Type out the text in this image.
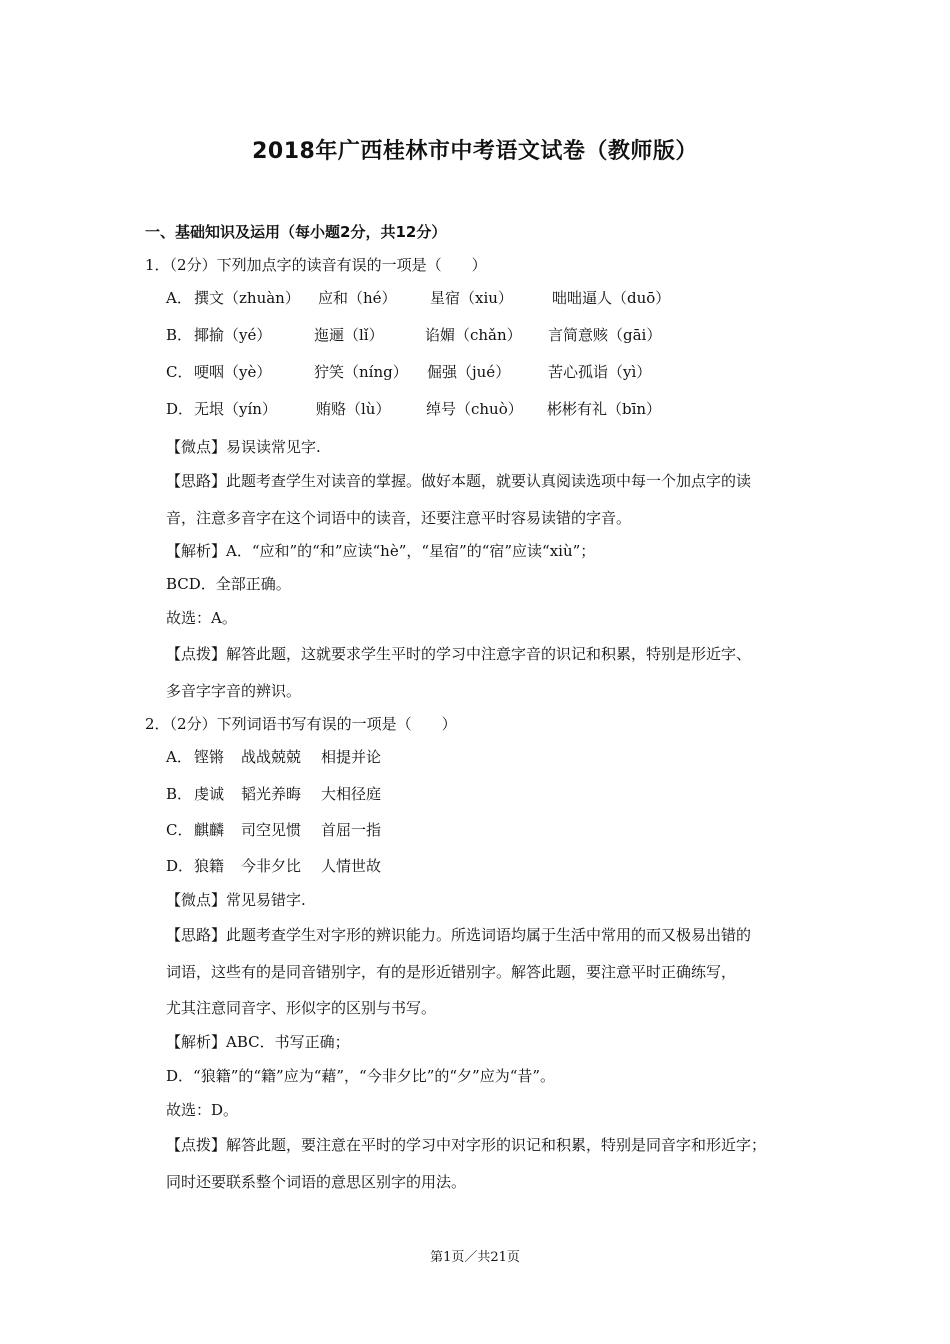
2018年广西桂林市中考语文试卷（教师版）
一、基础知识及运用（每小题2分，共12分）
1．（2分）下列加点字的读音有误的一项是（　　）
A． 撰文（zhuàn） 应和（hé） 星宿（xiu）	咄咄逼人（duō）
B． 揶揄（yé）	迤逦（lǐ）	谄媚（chǎn） 言简意赅（gāi）
C． 哽咽（yè）	狞笑（níng） 倔强（jué）	苦心孤诣（yì）
D． 无垠（yín）	贿赂（lù） 绰号（chuò） 彬彬有礼（bīn）
【微点】易误读常见字.
【思路】此题考查学生对读音的掌握。做好本题，就要认真阅读选项中每一个加点字的读
音，注意多音字在这个词语中的读音，还要注意平时容易读错的字音。
【解析】A．“应和”的“和”应读“hè”，“星宿”的“宿”应读“xiù”；
BCD．全部正确。
故选：A。
【点拨】解答此题，这就要求学生平时的学习中注意字音的识记和积累，特别是形近字、
多音字字音的辨识。
2．（2分）下列词语书写有误的一项是（　　）
A． 铿锵 战战兢兢 相提并论
B． 虔诚 韬光养晦 大相径庭
C． 麒麟 司空见惯 首屈一指
D． 狼籍 今非夕比 人情世故
【微点】常见易错字.
【思路】此题考查学生对字形的辨识能力。所选词语均属于生活中常用的而又极易出错的
词语，这些有的是同音错别字，有的是形近错别字。解答此题，要注意平时正确练写，
尤其注意同音字、形似字的区别与书写。
【解析】ABC．书写正确；
D．“狼籍”的“籍”应为“藉”，“今非夕比”的“夕”应为“昔”。
故选：D。
【点拨】解答此题，要注意在平时的学习中对字形的识记和积累，特别是同音字和形近字；
同时还要联系整个词语的意思区别字的用法。
第1页／共21页
